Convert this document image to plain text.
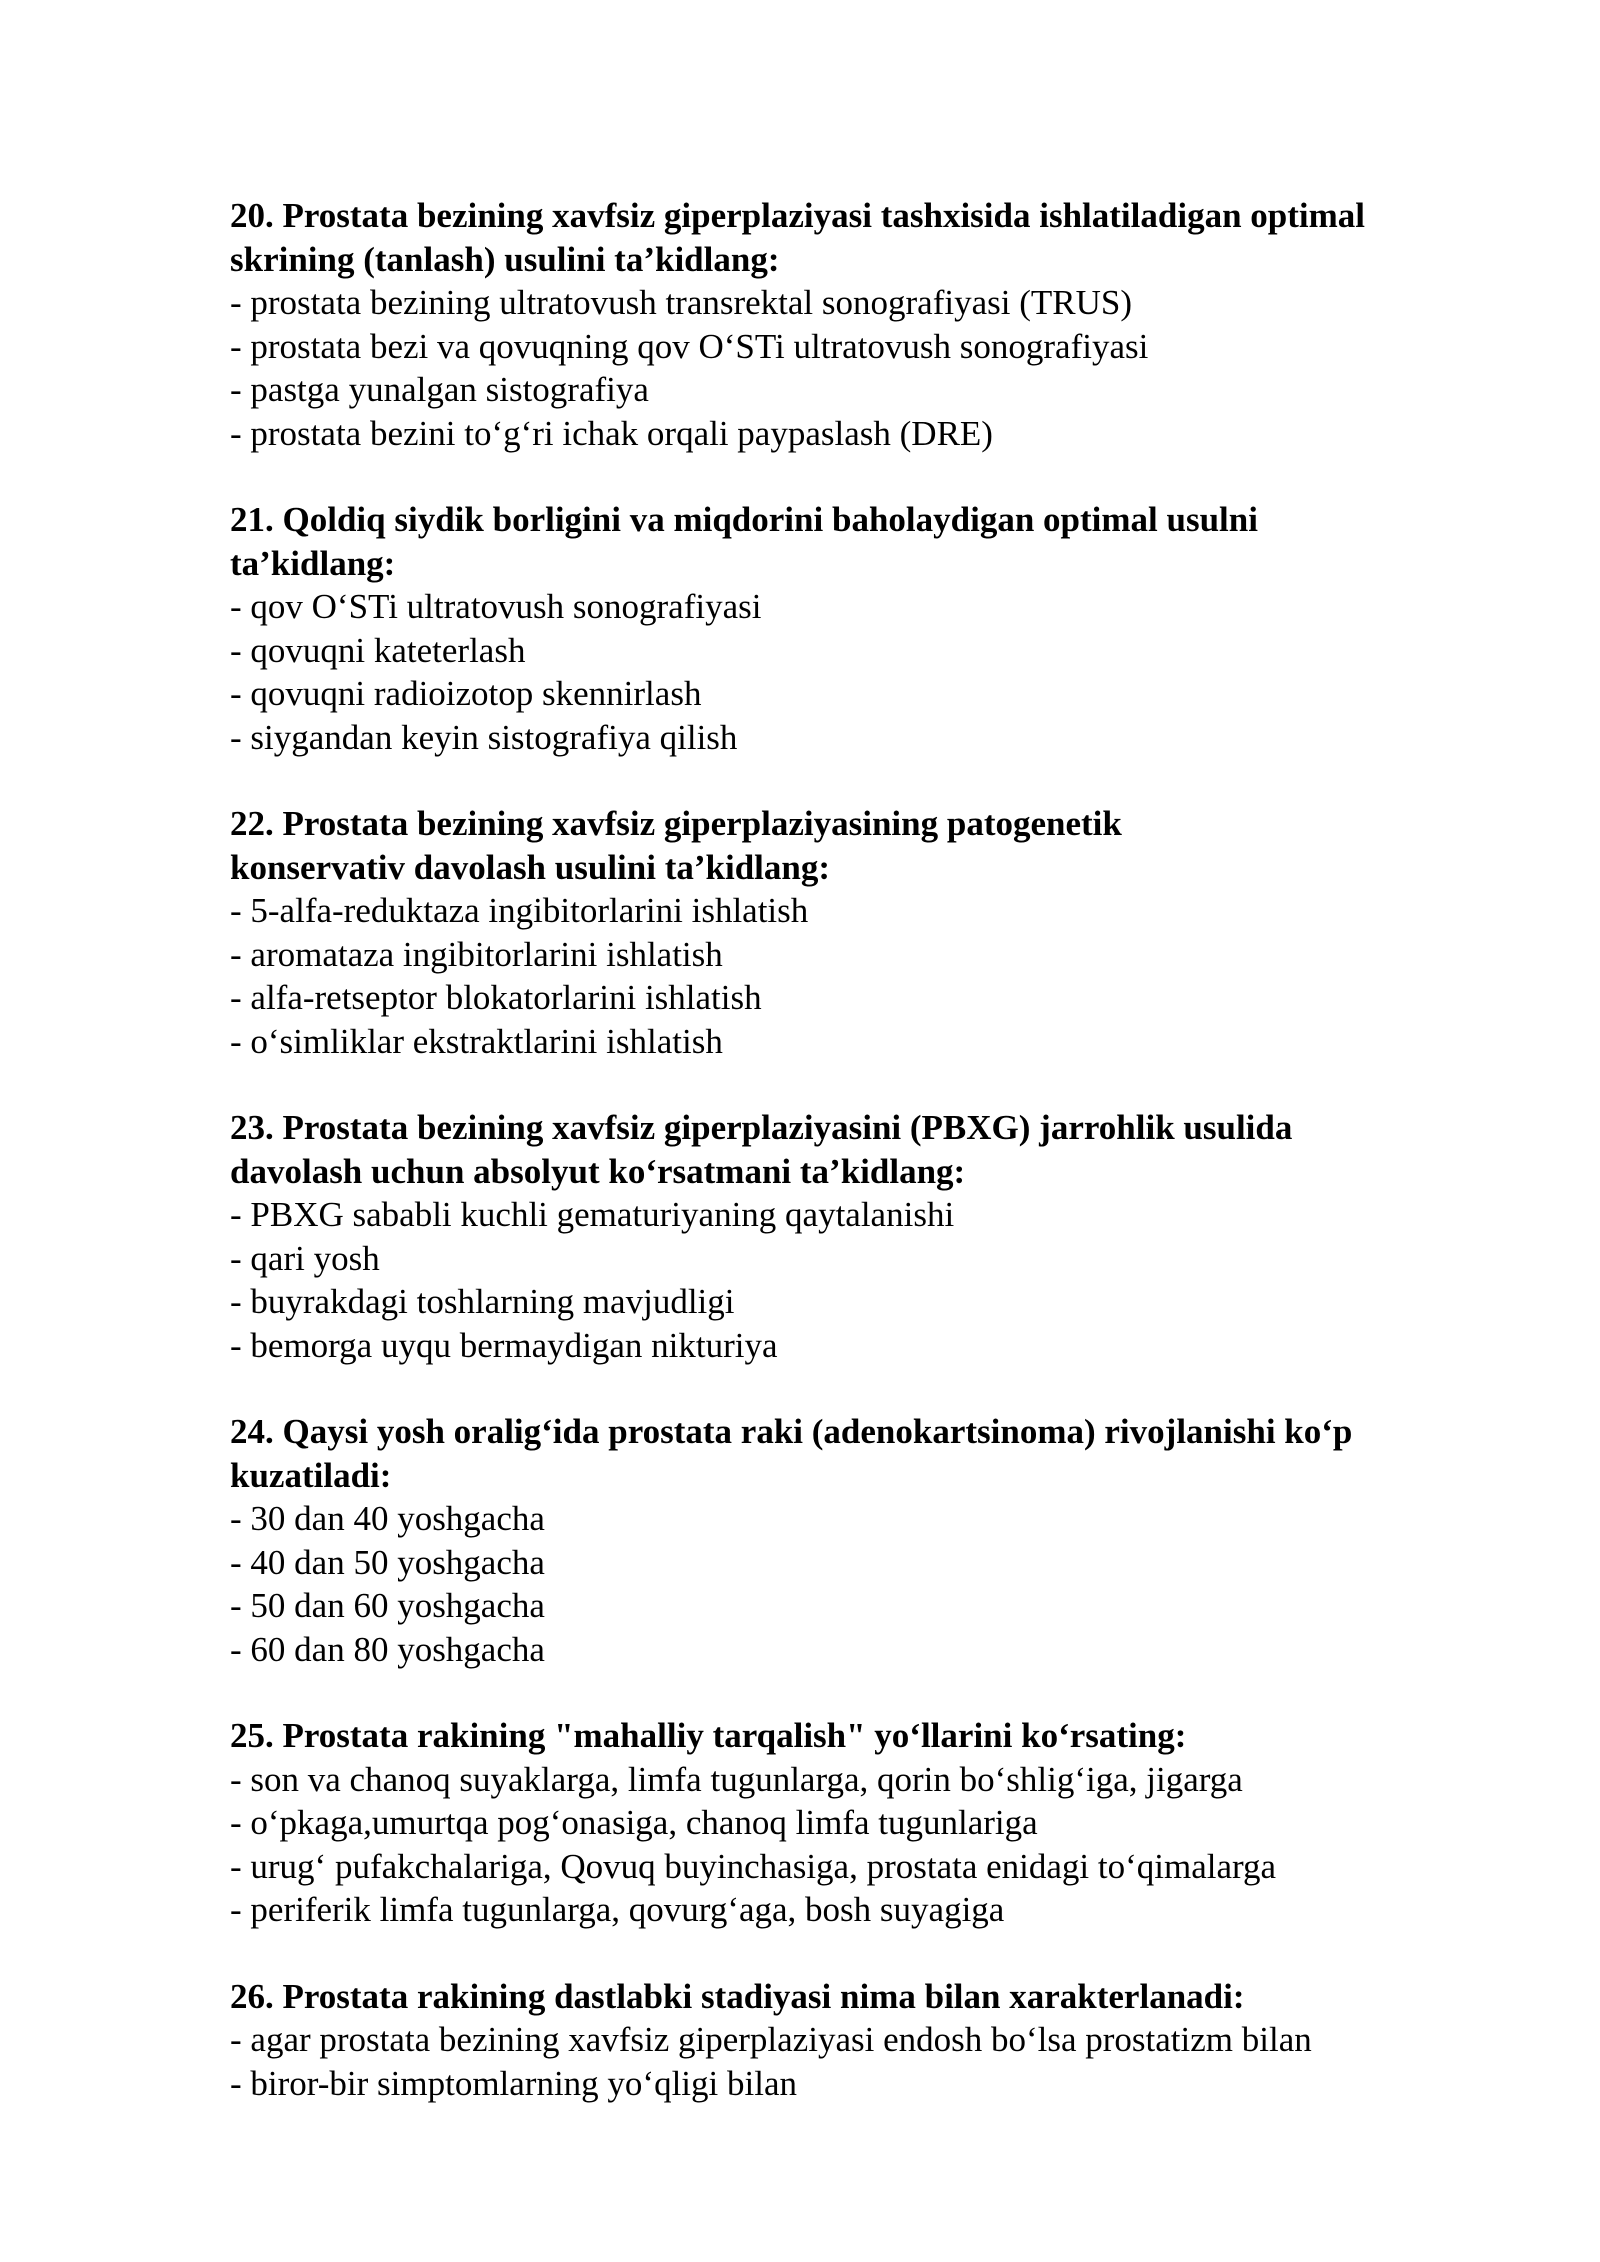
20. Prostata bezining xavfsiz giperplaziyasi tashxisida ishlatiladigan optimal
skrining (tanlash) usulini ta’kidlang:

- prostata bezining ultratovush transrektal sonografiyasi (TRUS)
- prostata bezi va qovuqning qov O‘STi ultratovush sonografiyasi
- pastga yunalgan sistografiya
- prostata bezini to‘g‘ri ichak orqali paypaslash (DRE)

21. Qoldiq siydik borligini va miqdorini baholaydigan optimal usulni
ta’kidlang:

- qov O‘STi ultratovush sonografiyasi
- qovuqni kateterlash
- qovuqni radioizotop skennirlash
- siygandan keyin sistografiya qilish

22. Prostata bezining xavfsiz giperplaziyasining patogenetik
konservativ davolash usulini ta’kidlang:

- 5-alfa-reduktaza ingibitorlarini ishlatish
- aromataza ingibitorlarini ishlatish
- alfa-retseptor blokatorlarini ishlatish
- o‘simliklar ekstraktlarini ishlatish

23. Prostata bezining xavfsiz giperplaziyasini (PBXG) jarrohlik usulida
davolash uchun absolyut ko‘rsatmani ta’kidlang:

- PBXG sababli kuchli gematuriyaning qaytalanishi
- qari yosh
- buyrakdagi toshlarning mavjudligi
- bemorga uyqu bermaydigan nikturiya

24. Qaysi yosh oralig‘ida prostata raki (adenokartsinoma) rivojlanishi ko‘p
kuzatiladi:

- 30 dan 40 yoshgacha
- 40 dan 50 yoshgacha
- 50 dan 60 yoshgacha
- 60 dan 80 yoshgacha

25. Prostata rakining "mahalliy tarqalish" yo‘llarini ko‘rsating:

- son va chanoq suyaklarga, limfa tugunlarga, qorin bo‘shlig‘iga, jigarga
- o‘pkaga,umurtqa pog‘onasiga, chanoq limfa tugunlariga
- urug‘ pufakchalariga, Qovuq buyinchasiga, prostata enidagi to‘qimalarga
- periferik limfa tugunlarga, qovurg‘aga, bosh suyagiga

26. Prostata rakining dastlabki stadiyasi nima bilan xarakterlanadi:

- agar prostata bezining xavfsiz giperplaziyasi endosh bo‘lsa prostatizm bilan
- biror-bir simptomlarning yo‘qligi bilan
